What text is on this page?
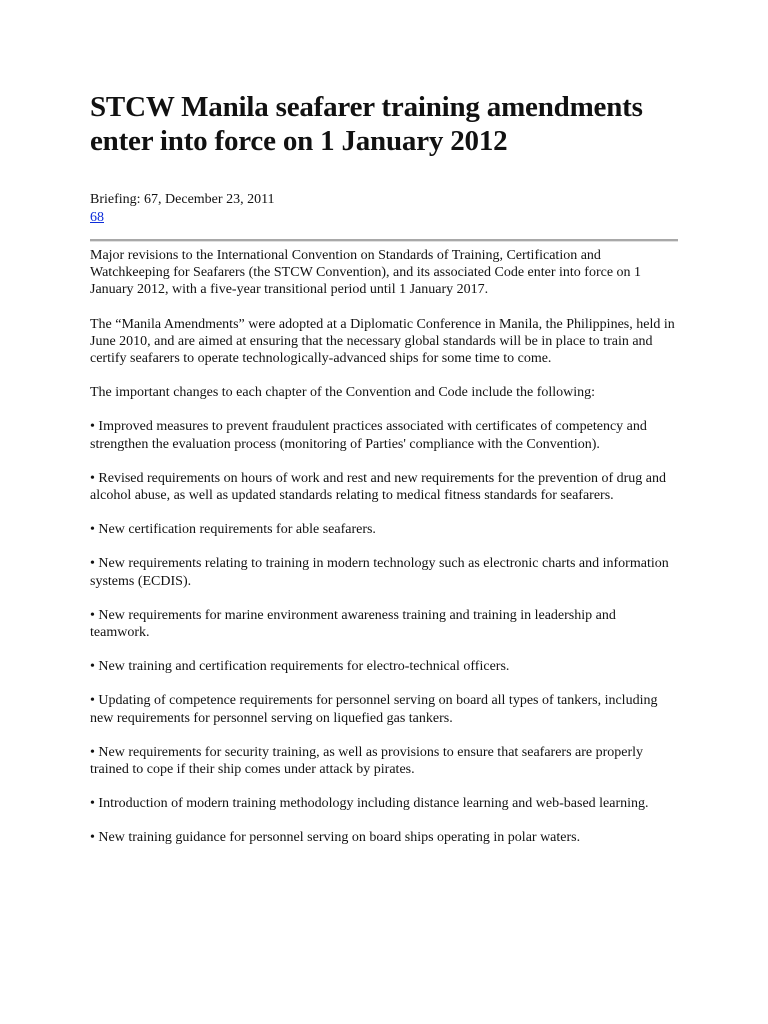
STCW Manila seafarer training amendments enter into force on 1 January 2012
Briefing: 67, December 23, 2011
68

Major revisions to the International Convention on Standards of Training, Certification and Watchkeeping for Seafarers (the STCW Convention), and its associated Code enter into force on 1 January 2012, with a five-year transitional period until 1 January 2017.

The “Manila Amendments” were adopted at a Diplomatic Conference in Manila, the Philippines, held in June 2010, and are aimed at ensuring that the necessary global standards will be in place to train and certify seafarers to operate technologically-advanced ships for some time to come.

The important changes to each chapter of the Convention and Code include the following:

• Improved measures to prevent fraudulent practices associated with certificates of competency and strengthen the evaluation process (monitoring of Parties' compliance with the Convention).

• Revised requirements on hours of work and rest and new requirements for the prevention of drug and alcohol abuse, as well as updated standards relating to medical fitness standards for seafarers.

• New certification requirements for able seafarers.

• New requirements relating to training in modern technology such as electronic charts and information systems (ECDIS).

• New requirements for marine environment awareness training and training in leadership and teamwork.

• New training and certification requirements for electro-technical officers.

• Updating of competence requirements for personnel serving on board all types of tankers, including new requirements for personnel serving on liquefied gas tankers.

• New requirements for security training, as well as provisions to ensure that seafarers are properly trained to cope if their ship comes under attack by pirates.

• Introduction of modern training methodology including distance learning and web-based learning.

• New training guidance for personnel serving on board ships operating in polar waters.
